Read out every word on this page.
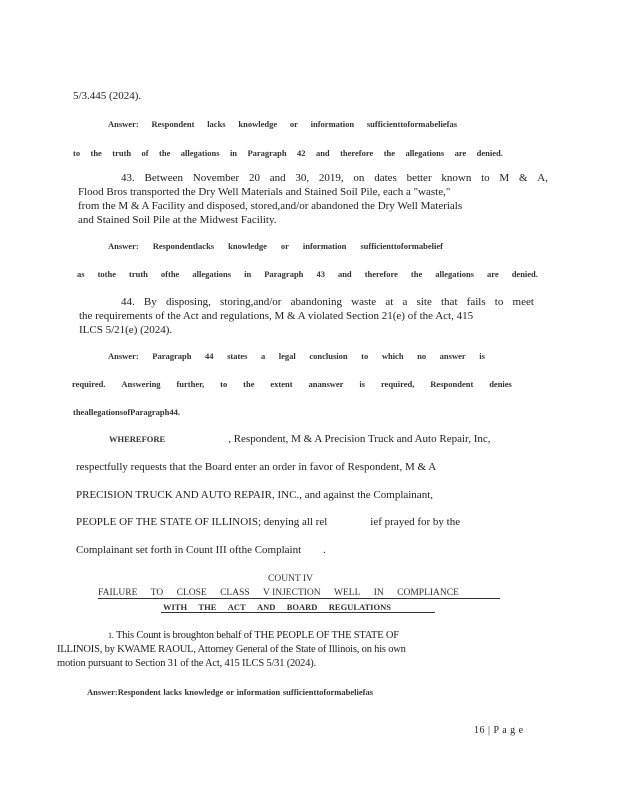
5/3.445 (2024).
Answer: Respondent lacks knowledge or information sufficienttoformabeliefas
to the truth of the allegations in Paragraph 42 and therefore the allegations are denied.
43. Between November 20 and 30, 2019, on dates better known to M & A,
Flood Bros transported the Dry Well Materials and Stained Soil Pile, each a "waste,"
from the M & A Facility and disposed, stored,and/or abandoned the Dry Well Materials
and Stained Soil Pile at the Midwest Facility.
Answer: Respondentlacks knowledge or information sufficienttoformabelief
as tothe truth ofthe allegations in Paragraph 43 and therefore the allegations are denied.
44. By disposing, storing,and/or abandoning waste at a site that fails to meet
the requirements of the Act and regulations, M & A violated Section 21(e) of the Act, 415
ILCS 5/21(e) (2024).
Answer: Paragraph 44 states a legal conclusion to which no answer is
required. Answering further, to the extent ananswer is required, Respondent denies
the allegations of Paragraph44.
WHEREFORE	, Respondent, M & A Precision Truck and Auto Repair, Inc,
respectfully requests that the Board enter an order in favor of Respondent, M & A
PRECISION TRUCK AND AUTO REPAIR, INC., and against the Complainant,
PEOPLE OF THE STATE OF ILLINOIS; denying all rel	ief prayed for by the
Complainant set forth in Count III ofthe Complaint .
COUNT IV
FAILURE TO CLOSE CLASS V INJECTION WELL IN COMPLIANCE
WITH THE ACT AND BOARD REGULATIONS
1. This Count is broughton behalf of THE PEOPLE OF THE STATE OF
ILLINOIS, by KWAME RAOUL, Attorney General of the State of Illinois, on his own
motion pursuant to Section 31 of the Act, 415 ILCS 5/31 (2024).
Answer:Respondent lacks knowledge or information sufficienttoformabeliefas
16 | P a g e
